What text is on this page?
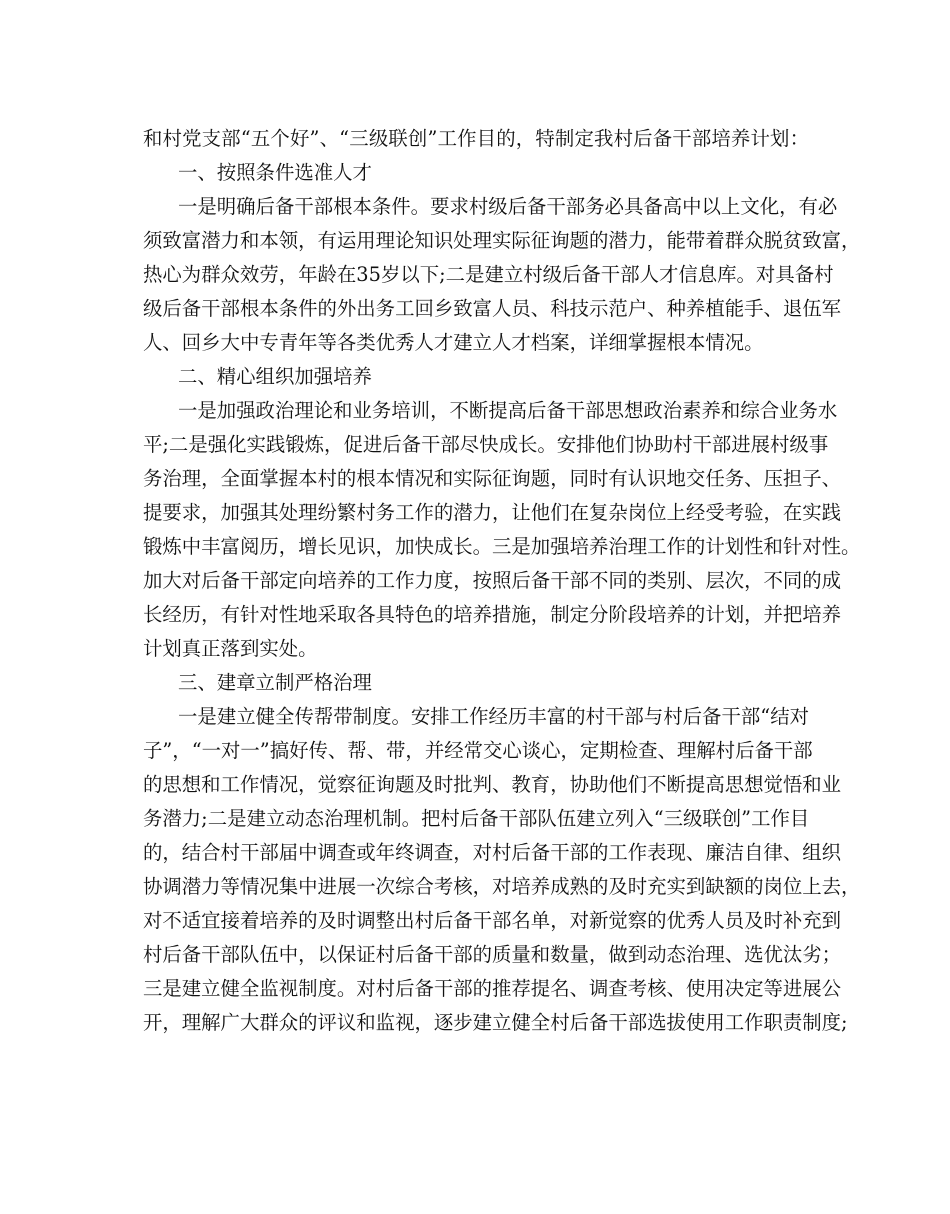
和村党支部“五个好”、“三级联创”工作目的，特制定我村后备干部培养计划：
一、按照条件选准人才
一是明确后备干部根本条件。要求村级后备干部务必具备高中以上文化，有必
须致富潜力和本领，有运用理论知识处理实际征询题的潜力，能带着群众脱贫致富，
热心为群众效劳，年龄在35岁以下;二是建立村级后备干部人才信息库。对具备村
级后备干部根本条件的外出务工回乡致富人员、科技示范户、种养植能手、退伍军
人、回乡大中专青年等各类优秀人才建立人才档案，详细掌握根本情况。
二、精心组织加强培养
一是加强政治理论和业务培训，不断提高后备干部思想政治素养和综合业务水
平;二是强化实践锻炼，促进后备干部尽快成长。安排他们协助村干部进展村级事
务治理，全面掌握本村的根本情况和实际征询题，同时有认识地交任务、压担子、
提要求，加强其处理纷繁村务工作的潜力，让他们在复杂岗位上经受考验，在实践
锻炼中丰富阅历，增长见识，加快成长。三是加强培养治理工作的计划性和针对性。
加大对后备干部定向培养的工作力度，按照后备干部不同的类别、层次，不同的成
长经历，有针对性地采取各具特色的培养措施，制定分阶段培养的计划，并把培养
计划真正落到实处。
三、建章立制严格治理
一是建立健全传帮带制度。安排工作经历丰富的村干部与村后备干部“结对
子”，“一对一”搞好传、帮、带，并经常交心谈心，定期检查、理解村后备干部
的思想和工作情况，觉察征询题及时批判、教育，协助他们不断提高思想觉悟和业
务潜力;二是建立动态治理机制。把村后备干部队伍建立列入“三级联创”工作目
的，结合村干部届中调查或年终调查，对村后备干部的工作表现、廉洁自律、组织
协调潜力等情况集中进展一次综合考核，对培养成熟的及时充实到缺额的岗位上去，
对不适宜接着培养的及时调整出村后备干部名单，对新觉察的优秀人员及时补充到
村后备干部队伍中，以保证村后备干部的质量和数量，做到动态治理、选优汰劣；
三是建立健全监视制度。对村后备干部的推荐提名、调查考核、使用决定等进展公
开，理解广大群众的评议和监视，逐步建立健全村后备干部选拔使用工作职责制度;
